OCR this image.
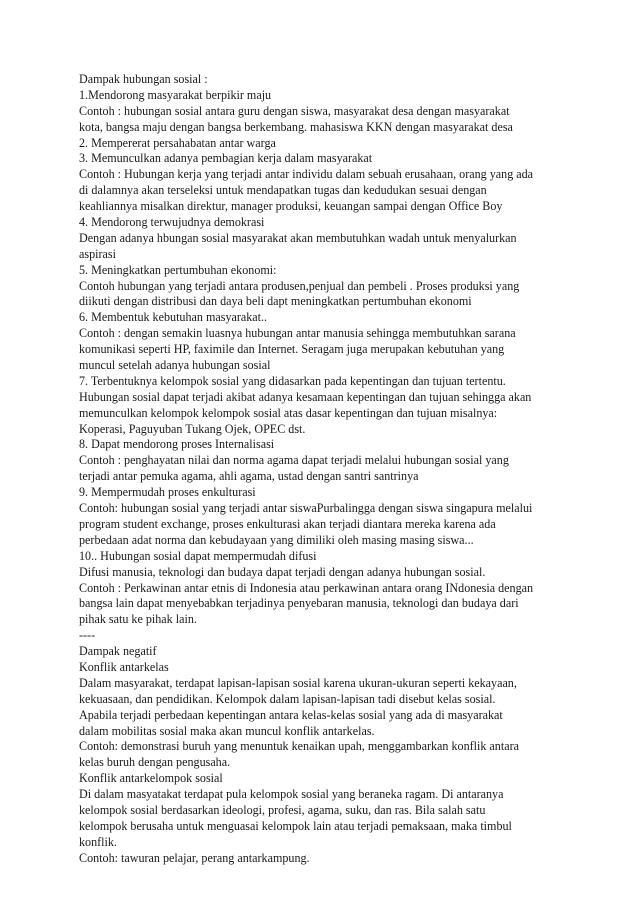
Dampak hubungan sosial :
1.Mendorong masyarakat berpikir maju
Contoh : hubungan sosial antara guru dengan siswa, masyarakat desa dengan masyarakat
kota, bangsa maju dengan bangsa berkembang. mahasiswa KKN dengan masyarakat desa
2. Mempererat persahabatan antar warga
3. Memunculkan adanya pembagian kerja dalam masyarakat
Contoh : Hubungan kerja yang terjadi antar individu dalam sebuah erusahaan, orang yang ada
di dalamnya akan terseleksi untuk mendapatkan tugas dan kedudukan sesuai dengan
keahliannya misalkan direktur, manager produksi, keuangan sampai dengan Office Boy
4. Mendorong terwujudnya demokrasi
Dengan adanya hbungan sosial masyarakat akan membutuhkan wadah untuk menyalurkan
aspirasi
5. Meningkatkan pertumbuhan ekonomi:
Contoh hubungan yang terjadi antara produsen,penjual dan pembeli . Proses produksi yang
diikuti dengan distribusi dan daya beli dapt meningkatkan pertumbuhan ekonomi
6. Membentuk kebutuhan masyarakat..
Contoh : dengan semakin luasnya hubungan antar manusia sehingga membutuhkan sarana
komunikasi seperti HP, faximile dan Internet. Seragam juga merupakan kebutuhan yang
muncul setelah adanya hubungan sosial
7. Terbentuknya kelompok sosial yang didasarkan pada kepentingan dan tujuan tertentu.
Hubungan sosial dapat terjadi akibat adanya kesamaan kepentingan dan tujuan sehingga akan
memunculkan kelompok kelompok sosial atas dasar kepentingan dan tujuan misalnya:
Koperasi, Paguyuban Tukang Ojek, OPEC dst.
8. Dapat mendorong proses Internalisasi
Contoh : penghayatan nilai dan norma agama dapat terjadi melalui hubungan sosial yang
terjadi antar pemuka agama, ahli agama, ustad dengan santri santrinya
9. Mempermudah proses enkulturasi
Contoh: hubungan sosial yang terjadi antar siswaPurbalingga dengan siswa singapura melalui
program student exchange, proses enkulturasi akan terjadi diantara mereka karena ada
perbedaan adat norma dan kebudayaan yang dimiliki oleh masing masing siswa...
10.. Hubungan sosial dapat mempermudah difusi
Difusi manusia, teknologi dan budaya dapat terjadi dengan adanya hubungan sosial.
Contoh : Perkawinan antar etnis di Indonesia atau perkawinan antara orang INdonesia dengan
bangsa lain dapat menyebabkan terjadinya penyebaran manusia, teknologi dan budaya dari
pihak satu ke pihak lain.
----
Dampak negatif
Konflik antarkelas
Dalam masyarakat, terdapat lapisan-lapisan sosial karena ukuran-ukuran seperti kekayaan,
kekuasaan, dan pendidikan. Kelompok dalam lapisan-lapisan tadi disebut kelas sosial.
Apabila terjadi perbedaan kepentingan antara kelas-kelas sosial yang ada di masyarakat
dalam mobilitas sosial maka akan muncul konflik antarkelas.
Contoh: demonstrasi buruh yang menuntuk kenaikan upah, menggambarkan konflik antara
kelas buruh dengan pengusaha.
Konflik antarkelompok sosial
Di dalam masyatakat terdapat pula kelompok sosial yang beraneka ragam. Di antaranya
kelompok sosial berdasarkan ideologi, profesi, agama, suku, dan ras. Bila salah satu
kelompok berusaha untuk menguasai kelompok lain atau terjadi pemaksaan, maka timbul
konflik.
Contoh: tawuran pelajar, perang antarkampung.
